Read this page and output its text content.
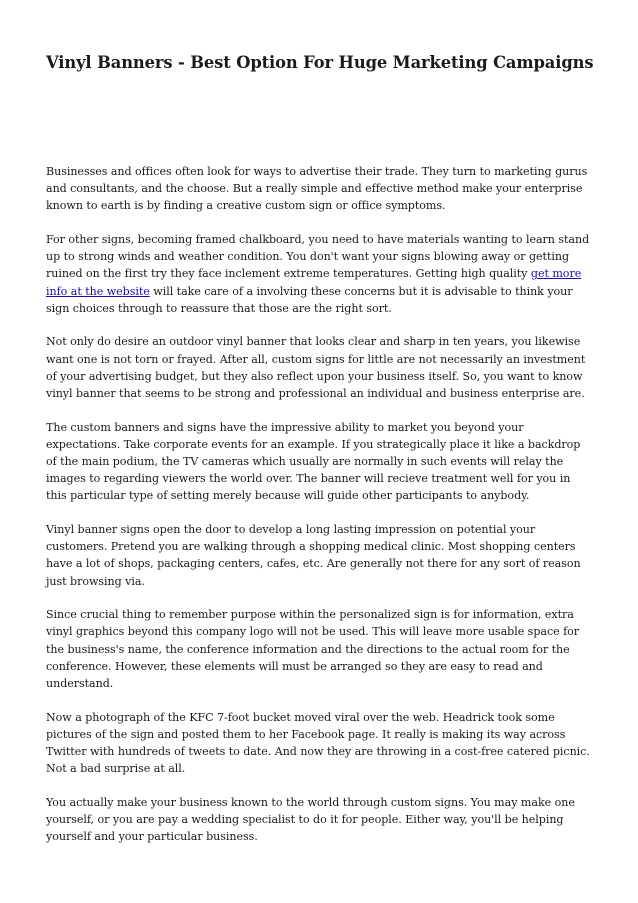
Vinyl Banners - Best Option For Huge Marketing Campaigns

Businesses and offices often look for ways to advertise their trade. They turn to marketing gurus and consultants, and the choose. But a really simple and effective method make your enterprise known to earth is by finding a creative custom sign or office symptoms.

For other signs, becoming framed chalkboard, you need to have materials wanting to learn stand up to strong winds and weather condition. You don't want your signs blowing away or getting ruined on the first try they face inclement extreme temperatures. Getting high quality get more info at the website will take care of a involving these concerns but it is advisable to think your sign choices through to reassure that those are the right sort.

Not only do desire an outdoor vinyl banner that looks clear and sharp in ten years, you likewise want one is not torn or frayed. After all, custom signs for little are not necessarily an investment of your advertising budget, but they also reflect upon your business itself. So, you want to know vinyl banner that seems to be strong and professional an individual and business enterprise are.

The custom banners and signs have the impressive ability to market you beyond your expectations. Take corporate events for an example. If you strategically place it like a backdrop of the main podium, the TV cameras which usually are normally in such events will relay the images to regarding viewers the world over. The banner will recieve treatment well for you in this particular type of setting merely because will guide other participants to anybody.

Vinyl banner signs open the door to develop a long lasting impression on potential your customers. Pretend you are walking through a shopping medical clinic. Most shopping centers have a lot of shops, packaging centers, cafes, etc. Are generally not there for any sort of reason just browsing via.

Since crucial thing to remember purpose within the personalized sign is for information, extra vinyl graphics beyond this company logo will not be used. This will leave more usable space for the business's name, the conference information and the directions to the actual room for the conference. However, these elements will must be arranged so they are easy to read and understand.

Now a photograph of the KFC 7-foot bucket moved viral over the web. Headrick took some pictures of the sign and posted them to her Facebook page. It really is making its way across Twitter with hundreds of tweets to date. And now they are throwing in a cost-free catered picnic. Not a bad surprise at all.

You actually make your business known to the world through custom signs. You may make one yourself, or you are pay a wedding specialist to do it for people. Either way, you'll be helping yourself and your particular business.
